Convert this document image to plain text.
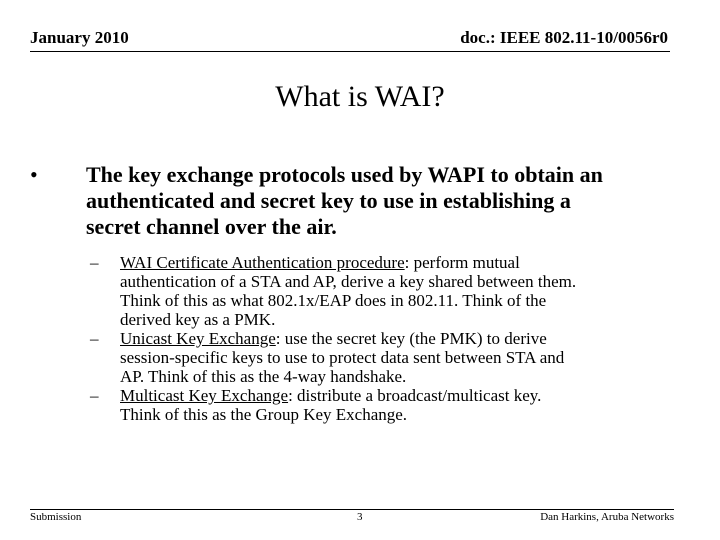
January 2010	doc.: IEEE 802.11-10/0056r0
What is WAI?
• The key exchange protocols used by WAPI to obtain an
authenticated and secret key to use in establishing a
secret channel over the air.

– WAI Certificate Authentication procedure: perform mutual
authentication of a STA and AP, derive a key shared between them.
Think of this as what 802.1x/EAP does in 802.11. Think of the
derived key as a PMK.

– Unicast Key Exchange: use the secret key (the PMK) to derive
session-specific keys to use to protect data sent between STA and
AP. Think of this as the 4-way handshake.

– Multicast Key Exchange: distribute a broadcast/multicast key.
Think of this as the Group Key Exchange.

Submission	3	Dan Harkins, Aruba Networks
